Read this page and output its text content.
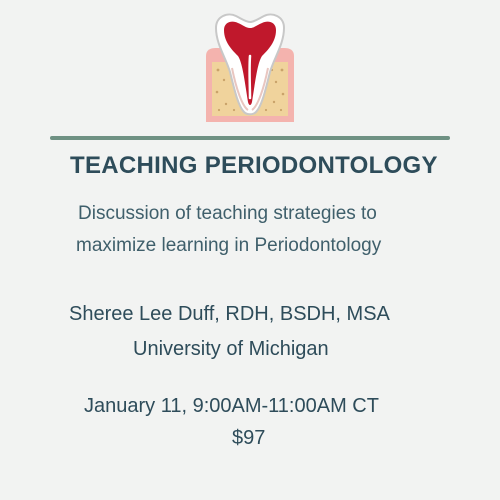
TEACHING PERIODONTOLOGY
Discussion of teaching strategies to
maximize learning in Periodontology
Sheree Lee Duff, RDH, BSDH, MSA
University of Michigan
January 11, 9:00AM-11:00AM CT
$97
